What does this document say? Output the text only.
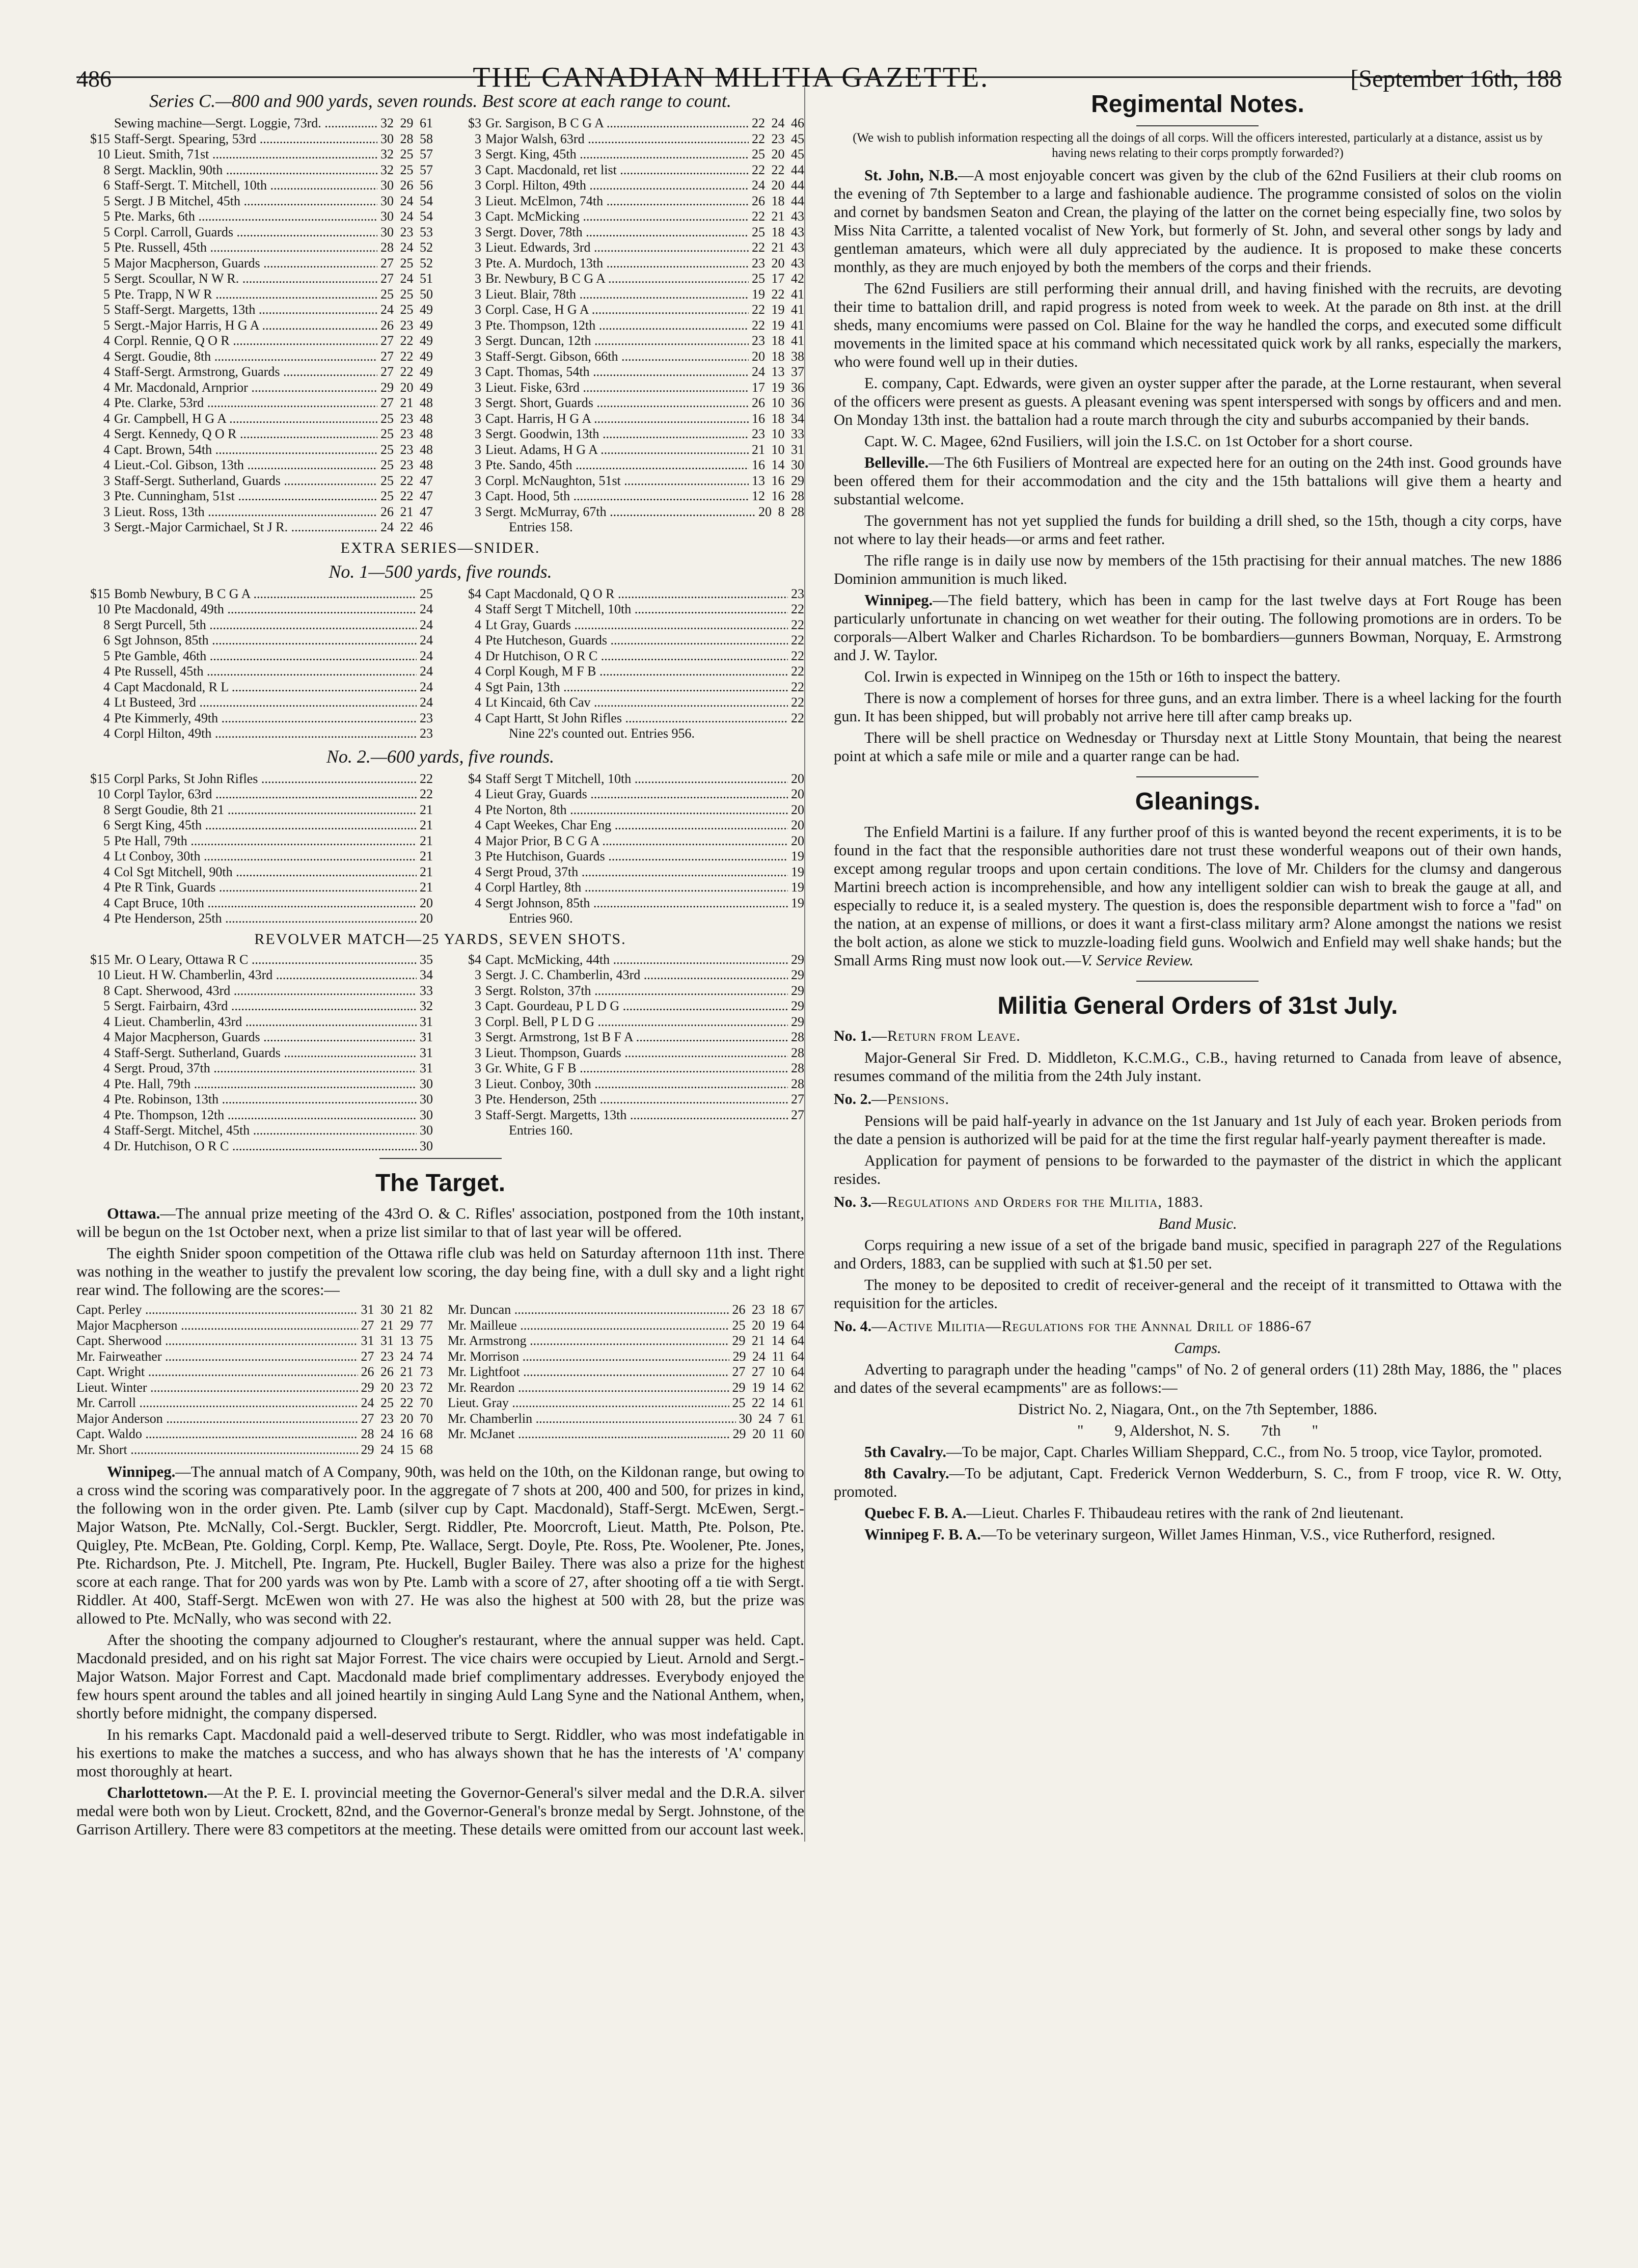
486	THE CANADIAN MILITIA GAZETTE.	[September 16th, 188
Series C.—800 and 900 yards, seven rounds. Best score at each range to count.
Sewing machine—Sergt. Loggie, 73rd. .....	32 29 61
$15 Staff-Sergt. Spearing, 53rd .....	30 28 58
10 Lieut. Smith, 71st .....	32 25 57
8 Sergt. Macklin, 90th .....	32 25 57
6 Staff-Sergt. T. Mitchell, 10th .....	30 26 56
5 Sergt. J B Mitchel, 45th .....	30 24 54
5 Pte. Marks, 6th .....	30 24 54
5 Corpl. Carroll, Guards .....	30 23 53
5 Pte. Russell, 45th .....	28 24 52
5 Major Macpherson, Guards .....	27 25 52
5 Sergt. Scoullar, N W R. .....	27 24 51
5 Pte. Trapp, N W R .....	25 25 50
5 Staff-Sergt. Margetts, 13th .....	24 25 49
5 Sergt.-Major Harris, H G A .....	26 23 49
4 Corpl. Rennie, Q O R .....	27 22 49
4 Sergt. Goudie, 8th .....	27 22 49
4 Staff-Sergt. Armstrong, Guards .....	27 22 49
4 Mr. Macdonald, Arnprior .....	29 20 49
4 Pte. Clarke, 53rd .....	27 21 48
4 Gr. Campbell, H G A .....	25 23 48
4 Sergt. Kennedy, Q O R .....	25 23 48
4 Capt. Brown, 54th .....	25 23 48
4 Lieut.-Col. Gibson, 13th .....	25 23 48
3 Staff-Sergt. Sutherland, Guards .....	25 22 47
3 Pte. Cunningham, 51st .....	25 22 47
3 Lieut. Ross, 13th .....	26 21 47
3 Sergt.-Major Carmichael, St J R. .....	24 22 46
$3 Gr. Sargison, B C G A .....	22 24 46
3 Major Walsh, 63rd .....	22 23 45
3 Sergt. King, 45th .....	25 20 45
3 Capt. Macdonald, ret list .....	22 22 44
3 Corpl. Hilton, 49th .....	24 20 44
3 Lieut. McElmon, 74th .....	26 18 44
3 Capt. McMicking .....	22 21 43
3 Sergt. Dover, 78th .....	25 18 43
3 Lieut. Edwards, 3rd .....	22 21 43
3 Pte. A. Murdoch, 13th .....	23 20 43
3 Br. Newbury, B C G A .....	25 17 42
3 Lieut. Blair, 78th .....	19 22 41
3 Corpl. Case, H G A .....	22 19 41
3 Pte. Thompson, 12th .....	22 19 41
3 Sergt. Duncan, 12th .....	23 18 41
3 Staff-Sergt. Gibson, 66th .....	20 18 38
3 Capt. Thomas, 54th .....	24 13 37
3 Lieut. Fiske, 63rd .....	17 19 36
3 Sergt. Short, Guards .....	26 10 36
3 Capt. Harris, H G A .....	16 18 34
3 Sergt. Goodwin, 13th .....	23 10 33
3 Lieut. Adams, H G A .....	21 10 31
3 Pte. Sando, 45th .....	16 14 30
3 Corpl. McNaughton, 51st .....	13 16 29
3 Capt. Hood, 5th .....	12 16 28
3 Sergt. McMurray, 67th .....	20 8 28
Entries 158.
EXTRA SERIES—SNIDER.
No. 1—500 yards, five rounds.
$15 Bomb Newbury, B C G A .....	25
10 Pte Macdonald, 49th .....	24
8 Sergt Purcell, 5th .....	24
6 Sgt Johnson, 85th .....	24
5 Pte Gamble, 46th .....	24
4 Pte Russell, 45th .....	24
4 Capt Macdonald, R L .....	24
4 Lt Busteed, 3rd .....	24
4 Pte Kimmerly, 49th .....	23
4 Corpl Hilton, 49th .....	23
$4 Capt Macdonald, Q O R .....	23
4 Staff Sergt T Mitchell, 10th .....	22
4 Lt Gray, Guards .....	22
4 Pte Hutcheson, Guards .....	22
4 Dr Hutchison, O R C .....	22
4 Corpl Kough, M F B .....	22
4 Sgt Pain, 13th .....	22
4 Lt Kincaid, 6th Cav .....	22
4 Capt Hartt, St John Rifles .....	22
Nine 22's counted out. Entries 956.
No. 2.—600 yards, five rounds.
$15 Corpl Parks, St John Rifles .....	22
10 Corpl Taylor, 63rd .....	22
8 Sergt Goudie, 8th 21 .....	21
6 Sergt King, 45th .....	21
5 Pte Hall, 79th .....	21
4 Lt Conboy, 30th .....	21
4 Col Sgt Mitchell, 90th .....	21
4 Pte R Tink, Guards .....	21
4 Capt Bruce, 10th .....	20
4 Pte Henderson, 25th .....	20
$4 Staff Sergt T Mitchell, 10th .....	20
4 Lieut Gray, Guards .....	20
4 Pte Norton, 8th .....	20
4 Capt Weekes, Char Eng .....	20
4 Major Prior, B C G A .....	20
3 Pte Hutchison, Guards .....	19
4 Sergt Proud, 37th .....	19
4 Corpl Hartley, 8th .....	19
4 Sergt Johnson, 85th .....	19
Entries 960.
REVOLVER MATCH—25 YARDS, SEVEN SHOTS.
$15 Mr. O Leary, Ottawa R C .....	35
10 Lieut. H W. Chamberlin, 43rd .....	34
8 Capt. Sherwood, 43rd .....	33
5 Sergt. Fairbairn, 43rd .....	32
4 Lieut. Chamberlin, 43rd .....	31
4 Major Macpherson, Guards .....	31
4 Staff-Sergt. Sutherland, Guards .....	31
4 Sergt. Proud, 37th .....	31
4 Pte. Hall, 79th .....	30
4 Pte. Robinson, 13th .....	30
4 Pte. Thompson, 12th .....	30
4 Staff-Sergt. Mitchel, 45th .....	30
4 Dr. Hutchison, O R C .....	30
$4 Capt. McMicking, 44th .....	29
3 Sergt. J. C. Chamberlin, 43rd .....	29
3 Sergt. Rolston, 37th .....	29
3 Capt. Gourdeau, P L D G .....	29
3 Corpl. Bell, P L D G .....	29
3 Sergt. Armstrong, 1st B F A .....	28
3 Lieut. Thompson, Guards .....	28
3 Gr. White, G F B .....	28
3 Lieut. Conboy, 30th .....	28
3 Pte. Henderson, 25th .....	27
3 Staff-Sergt. Margetts, 13th .....	27
Entries 160.
The Target.

Ottawa.—The annual prize meeting of the 43rd O. & C. Rifles' association, postponed from the 10th instant, will be begun on the 1st October next, when a prize list similar to that of last year will be offered.

The eighth Snider spoon competition of the Ottawa rifle club was held on Saturday afternoon 11th inst. There was nothing in the weather to justify the prevalent low scoring, the day being fine, with a dull sky and a light right rear wind. The following are the scores:—

Capt. Perley .....	31 30 21 82
Major Macpherson .....	27 21 29 77
Capt. Sherwood .....	31 31 13 75
Mr. Fairweather .....	27 23 24 74
Capt. Wright .....	26 26 21 73
Lieut. Winter .....	29 20 23 72
Mr. Carroll .....	24 25 22 70
Major Anderson .....	27 23 20 70
Capt. Waldo .....	28 24 16 68
Mr. Short .....	29 24 15 68
Mr. Duncan .....	26 23 18 67
Mr. Mailleue .....	25 20 19 64
Mr. Armstrong .....	29 21 14 64
Mr. Morrison .....	29 24 11 64
Mr. Lightfoot .....	27 27 10 64
Mr. Reardon .....	29 19 14 62
Lieut. Gray .....	25 22 14 61
Mr. Chamberlin .....	30 24 7 61
Mr. McJanet .....	29 20 11 60

Winnipeg.—The annual match of A Company, 90th, was held on the 10th, on the Kildonan range, but owing to a cross wind the scoring was comparatively poor. In the aggregate of 7 shots at 200, 400 and 500, for prizes in kind, the following won in the order given. Pte. Lamb (silver cup by Capt. Macdonald), Staff-Sergt. McEwen, Sergt.-Major Watson, Pte. McNally, Col.-Sergt. Buckler, Sergt. Riddler, Pte. Moorcroft, Lieut. Matth, Pte. Polson, Pte. Quigley, Pte. McBean, Pte. Golding, Corpl. Kemp, Pte. Wallace, Sergt. Doyle, Pte. Ross, Pte. Woolener, Pte. Jones, Pte. Richardson, Pte. J. Mitchell, Pte. Ingram, Pte. Huckell, Bugler Bailey. There was also a prize for the highest score at each range. That for 200 yards was won by Pte. Lamb with a score of 27, after shooting off a tie with Sergt. Riddler. At 400, Staff-Sergt. McEwen won with 27. He was also the highest at 500 with 28, but the prize was allowed to Pte. McNally, who was second with 22.

After the shooting the company adjourned to Clougher's restaurant, where the annual supper was held. Capt. Macdonald presided, and on his right sat Major Forrest. The vice chairs were occupied by Lieut. Arnold and Sergt.-Major Watson. Major Forrest and Capt. Macdonald made brief complimentary addresses. Everybody enjoyed the few hours spent around the tables and all joined heartily in singing Auld Lang Syne and the National Anthem, when, shortly before midnight, the company dispersed.

In his remarks Capt. Macdonald paid a well-deserved tribute to Sergt. Riddler, who was most indefatigable in his exertions to make the matches a success, and who has always shown that he has the interests of 'A' company most thoroughly at heart.

Charlottetown.—At the P. E. I. provincial meeting the Governor-General's silver medal and the D.R.A. silver medal were both won by Lieut. Crockett, 82nd, and the Governor-General's bronze medal by Sergt. Johnstone, of the Garrison Artillery. There were 83 competitors at the meeting. These details were omitted from our account last week.

Regimental Notes.

(We wish to publish information respecting all the doings of all corps. Will the officers interested, particularly at a distance, assist us by having news relating to their corps promptly forwarded?)

St. John, N.B.—A most enjoyable concert was given by the club of the 62nd Fusiliers at their club rooms on the evening of 7th September to a large and fashionable audience. The programme consisted of solos on the violin and cornet by bandsmen Seaton and Crean, the playing of the latter on the cornet being especially fine, two solos by Miss Nita Carritte, a talented vocalist of New York, but formerly of St. John, and several other songs by lady and gentleman amateurs, which were all duly appreciated by the audience. It is proposed to make these concerts monthly, as they are much enjoyed by both the members of the corps and their friends.

The 62nd Fusiliers are still performing their annual drill, and having finished with the recruits, are devoting their time to battalion drill, and rapid progress is noted from week to week. At the parade on 8th inst. at the drill sheds, many encomiums were passed on Col. Blaine for the way he handled the corps, and executed some difficult movements in the limited space at his command which necessitated quick work by all ranks, especially the markers, who were found well up in their duties.

E. company, Capt. Edwards, were given an oyster supper after the parade, at the Lorne restaurant, when several of the officers were present as guests. A pleasant evening was spent interspersed with songs by officers and and men. On Monday 13th inst. the battalion had a route march through the city and suburbs accompanied by their bands.

Capt. W. C. Magee, 62nd Fusiliers, will join the I.S.C. on 1st October for a short course.

Belleville.—The 6th Fusiliers of Montreal are expected here for an outing on the 24th inst. Good grounds have been offered them for their accommodation and the city and the 15th battalions will give them a hearty and substantial welcome.

The government has not yet supplied the funds for building a drill shed, so the 15th, though a city corps, have not where to lay their heads—or arms and feet rather.

The rifle range is in daily use now by members of the 15th practising for their annual matches. The new 1886 Dominion ammunition is much liked.

Winnipeg.—The field battery, which has been in camp for the last twelve days at Fort Rouge has been particularly unfortunate in chancing on wet weather for their outing. The following promotions are in orders. To be corporals—Albert Walker and Charles Richardson. To be bombardiers—gunners Bowman, Norquay, E. Armstrong and J. W. Taylor.

Col. Irwin is expected in Winnipeg on the 15th or 16th to inspect the battery.

There is now a complement of horses for three guns, and an extra limber. There is a wheel lacking for the fourth gun. It has been shipped, but will probably not arrive here till after camp breaks up.

There will be shell practice on Wednesday or Thursday next at Little Stony Mountain, that being the nearest point at which a safe mile or mile and a quarter range can be had.

Gleanings.

The Enfield Martini is a failure. If any further proof of this is wanted beyond the recent experiments, it is to be found in the fact that the responsible authorities dare not trust these wonderful weapons out of their own hands, except among regular troops and upon certain conditions. The love of Mr. Childers for the clumsy and dangerous Martini breech action is incomprehensible, and how any intelligent soldier can wish to break the gauge at all, and especially to reduce it, is a sealed mystery. The question is, does the responsible department wish to force a "fad" on the nation, at an expense of millions, or does it want a first-class military arm? Alone amongst the nations we resist the bolt action, as alone we stick to muzzle-loading field guns. Woolwich and Enfield may well shake hands; but the Small Arms Ring must now look out.—V. Service Review.

Militia General Orders of 31st July.

No. 1.—Return from Leave.

Major-General Sir Fred. D. Middleton, K.C.M.G., C.B., having returned to Canada from leave of absence, resumes command of the militia from the 24th July instant.

No. 2.—Pensions.

Pensions will be paid half-yearly in advance on the 1st January and 1st July of each year. Broken periods from the date a pension is authorized will be paid for at the time the first regular half-yearly payment thereafter is made.

Application for payment of pensions to be forwarded to the paymaster of the district in which the applicant resides.

No. 3.—Regulations and Orders for the Militia, 1883.

Band Music.

Corps requiring a new issue of a set of the brigade band music, specified in paragraph 227 of the Regulations and Orders, 1883, can be supplied with such at $1.50 per set.

The money to be deposited to credit of receiver-general and the receipt of it transmitted to Ottawa with the requisition for the articles.

No. 4.—Active Militia—Regulations for the Annnal Drill of 1886-67

Camps.

Adverting to paragraph under the heading "camps" of No. 2 of general orders (11) 28th May, 1886, the " places and dates of the several ecampments" are as follows:—

District No. 2, Niagara, Ont., on the 7th September, 1886.

"        9, Aldershot, N. S.        7th        "

5th Cavalry.—To be major, Capt. Charles William Sheppard, C.C., from No. 5 troop, vice Taylor, promoted.

8th Cavalry.—To be adjutant, Capt. Frederick Vernon Wedderburn, S. C., from F troop, vice R. W. Otty, promoted.

Quebec F. B. A.—Lieut. Charles F. Thibaudeau retires with the rank of 2nd lieutenant.

Winnipeg F. B. A.—To be veterinary surgeon, Willet James Hinman, V.S., vice Rutherford, resigned.
